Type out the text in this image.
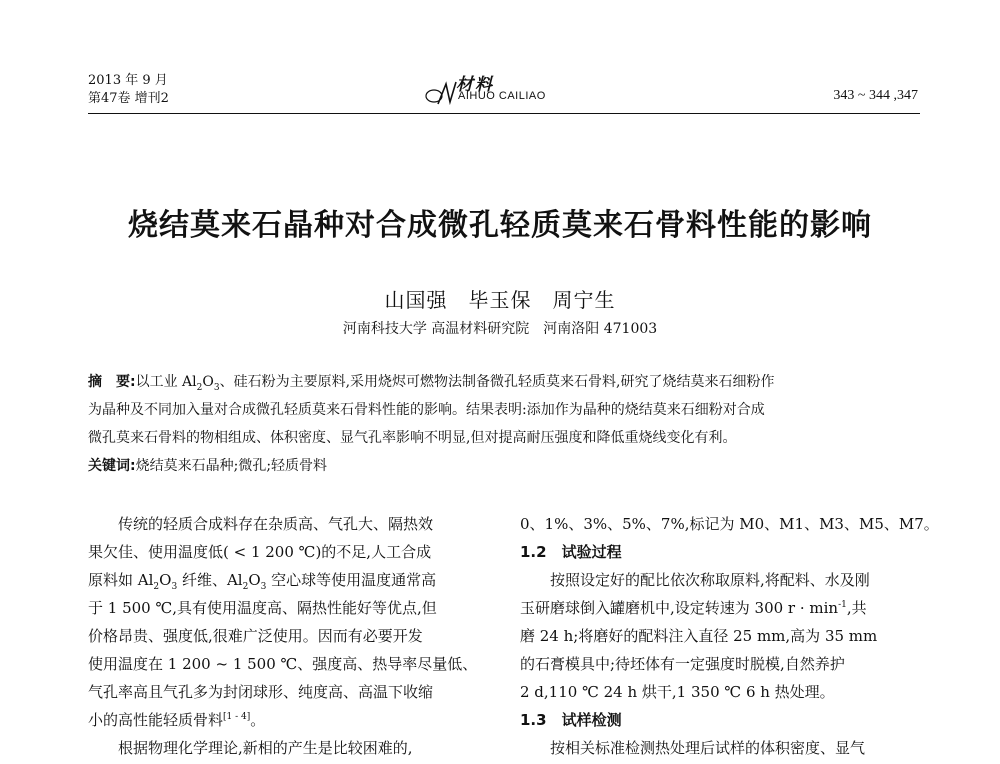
2013 年 9 月
第47卷 增刊2
材料
AIHUO CAILIAO	343 ~ 344 ,347
烧结莫来石晶种对合成微孔轻质莫来石骨料性能的影响
山国强　毕玉保　周宁生
河南科技大学 高温材料研究院　河南洛阳 471003

摘　要:以工业 $Al_2O_3$、硅石粉为主要原料,采用烧烬可燃物法制备微孔轻质莫来石骨料,研究了烧结莫来石细粉作

为晶种及不同加入量对合成微孔轻质莫来石骨料性能的影响。结果表明:添加作为晶种的烧结莫来石细粉对合成

微孔莫来石骨料的物相组成、体积密度、显气孔率影响不明显,但对提高耐压强度和降低重烧线变化有利。

关键词:烧结莫来石晶种;微孔;轻质骨料

　　传统的轻质合成料存在杂质高、气孔大、隔热效

果欠佳、使用温度低( < 1 200 ℃)的不足,人工合成

原料如 $Al_2O_3$ 纤维、$Al_2O_3$ 空心球等使用温度通常高

于 1 500 ℃,具有使用温度高、隔热性能好等优点,但

价格昂贵、强度低,很难广泛使用。因而有必要开发

使用温度在 1 200 ~ 1 500 ℃、强度高、热导率尽量低、

气孔率高且气孔多为封闭球形、纯度高、高温下收缩

小的高性能轻质骨料[1 - 4]。

　　根据物理化学理论,新相的产生是比较困难的,

0、1%、3%、5%、7%,标记为 M0、M1、M3、M5、M7。

1.2　试验过程

　　按照设定好的配比依次称取原料,将配料、水及刚

玉研磨球倒入罐磨机中,设定转速为 300 $r \cdot \min^{-1}$,共

磨 24 h;将磨好的配料注入直径 25 mm,高为 35 mm

的石膏模具中;待坯体有一定强度时脱模,自然养护

2 d,110 ℃ 24 h 烘干,1 350 ℃ 6 h 热处理。

1.3　试样检测

　　按相关标准检测热处理后试样的体积密度、显气
